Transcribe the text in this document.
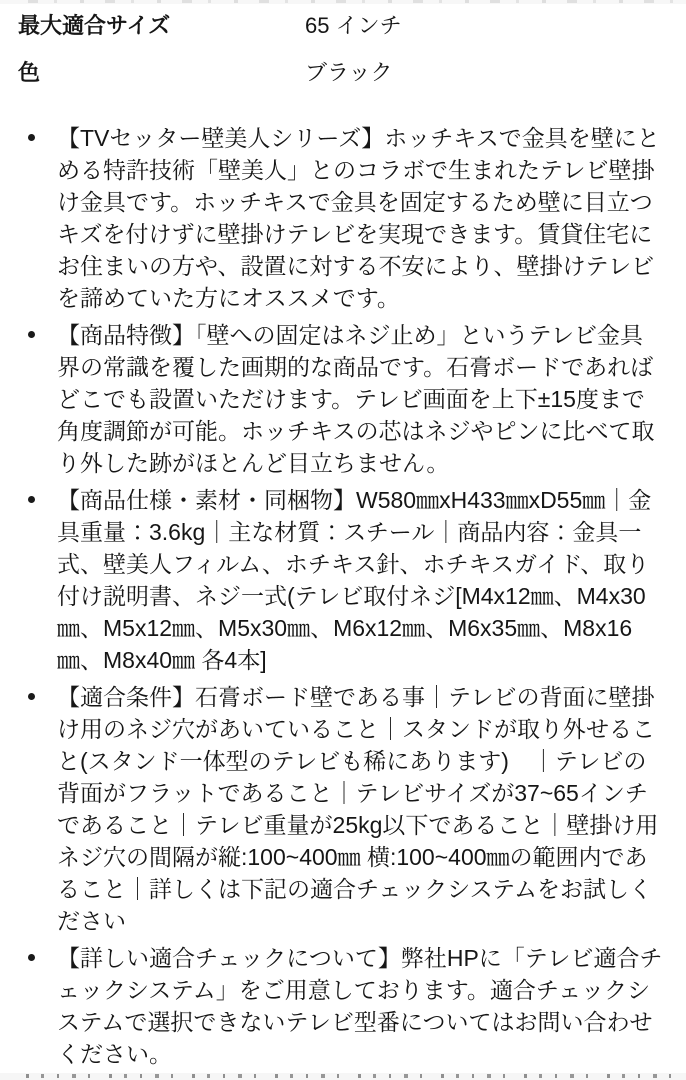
最大適合サイズ	65 インチ
色	ブラック
【TVセッター壁美人シリーズ】ホッチキスで金具を壁にとめる特許技術「壁美人」とのコラボで生まれたテレビ壁掛け金具です。ホッチキスで金具を固定するため壁に目立つキズを付けずに壁掛けテレビを実現できます。賃貸住宅にお住まいの方や、設置に対する不安により、壁掛けテレビを諦めていた方にオススメです。
【商品特徴】「壁への固定はネジ止め」というテレビ金具界の常識を覆した画期的な商品です。石膏ボードであればどこでも設置いただけます。テレビ画面を上下±15度まで角度調節が可能。ホッチキスの芯はネジやピンに比べて取り外した跡がほとんど目立ちません。
【商品仕様・素材・同梱物】W580㎜xH433㎜xD55㎜｜金具重量：3.6kg｜主な材質：スチール｜商品内容：金具一式、壁美人フィルム、ホチキス針、ホチキスガイド、取り付け説明書、ネジ一式(テレビ取付ネジ[M4x12㎜、M4x30㎜、M5x12㎜、M5x30㎜、M6x12㎜、M6x35㎜、M8x16㎜、M8x40㎜ 各4本]
【適合条件】石膏ボード壁である事｜テレビの背面に壁掛け用のネジ穴があいていること｜スタンドが取り外せること(スタンド一体型のテレビも稀にあります)　｜テレビの背面がフラットであること｜テレビサイズが37~65インチであること｜テレビ重量が25kg以下であること｜壁掛け用ネジ穴の間隔が縦:100~400㎜ 横:100~400㎜の範囲内であること｜詳しくは下記の適合チェックシステムをお試しください
【詳しい適合チェックについて】弊社HPに「テレビ適合チェックシステム」をご用意しております。適合チェックシステムで選択できないテレビ型番についてはお問い合わせください。
